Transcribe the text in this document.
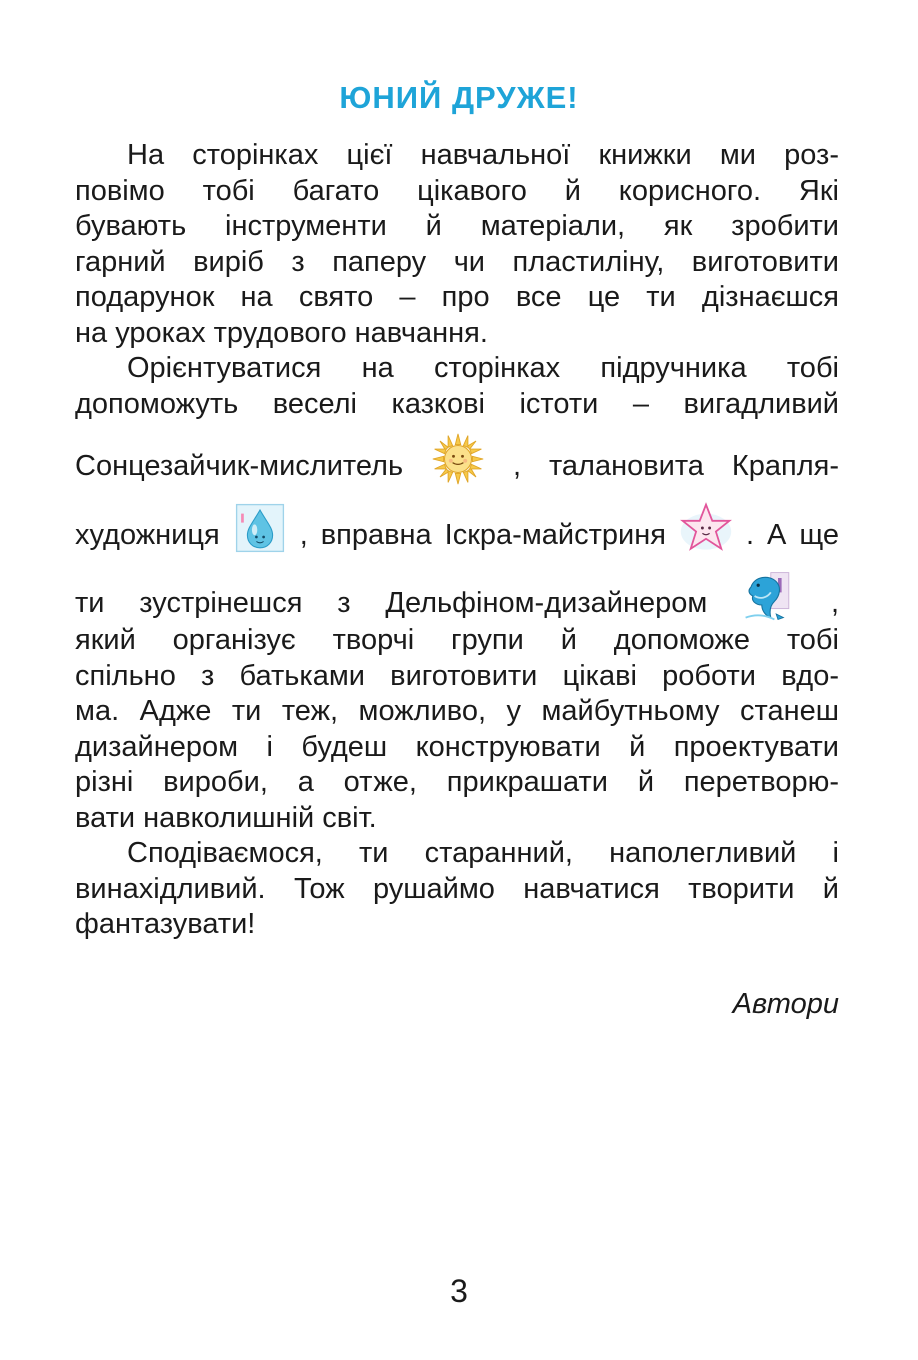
ЮНИЙ ДРУЖЕ!
На сторінках цієї навчальної книжки ми роз-
повімо тобі багато цікавого й корисного. Які
бувають інструменти й матеріали, як зробити
гарний виріб з паперу чи пластиліну, виготовити
подарунок на свято – про все це ти дізнаєшся
на уроках трудового навчання.
Орієнтуватися на сторінках підручника тобі
допоможуть веселі казкові істоти – вигадливий
Сонцезайчик-мислитель	, талановита Крапля-
художниця	, вправна Іскра-майстриня	. А ще
ти зустрінешся з Дельфіном-дизайнером	,
який організує творчі групи й допоможе тобі
спільно з батьками виготовити цікаві роботи вдо-
ма. Адже ти теж, можливо, у майбутньому станеш
дизайнером і будеш конструювати й проектувати
різні вироби, а отже, прикрашати й перетворю-
вати навколишній світ.
Сподіваємося, ти старанний, наполегливий і
винахідливий. Тож рушаймо навчатися творити й
фантазувати!
Автори
3
